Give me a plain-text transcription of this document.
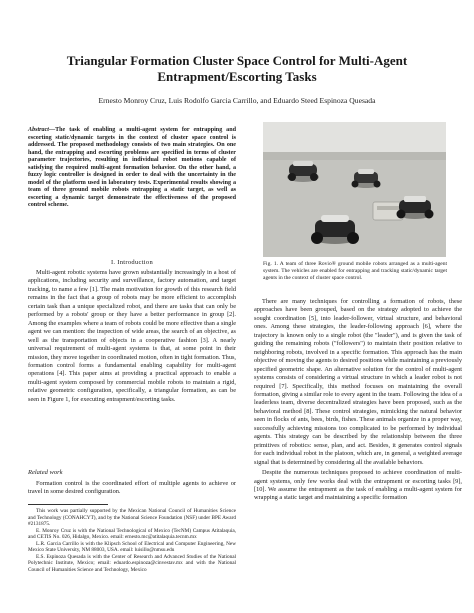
Triangular Formation Cluster Space Control for Multi-Agent Entrapment/Escorting Tasks
Ernesto Monroy Cruz, Luis Rodolfo Garcia Carrillo, and Eduardo Steed Espinoza Quesada
Abstract—The task of enabling a multi-agent system for entrapping and escorting static/dynamic targets in the context of cluster space control is addressed. The proposed methodology consists of two main strategies. On one hand, the entrapping and escorting problems are specified in terms of cluster parameter trajectories, resulting in individual robot motions capable of satisfying the required multi-agent formation behavior. On the other hand, a fuzzy logic controller is designed in order to deal with the uncertainty in the model of the platform used in laboratory tests. Experimental results showing a team of three ground mobile robots entrapping a static target, as well as escorting a dynamic target demonstrate the effectiveness of the proposed control scheme.
I. Introduction

Multi-agent robotic systems have grown substantially increasingly in a host of applications, including security and surveillance, factory automation, and target tracking, to name a few [1]. The main motivation for growth of this research field remains in the fact that a group of robots may be more efficient to accomplish certain task than a unique specialized robot, and there are tasks that can only be performed by a robots' group or they have a better performance in group [2]. Among the examples where a team of robots could be more effective than a single agent we can mention: the inspection of wide areas, the search of an objective, as well as the transportation of objects in a cooperative fashion [3]. A nearly universal requirement of multi-agent systems is that, at some point in their mission, they move together in coordinated motion, often in tight formation. Thus, formation control forms a fundamental enabling capability for multi-agent operations [4]. This paper aims at providing a practical approach to enable a multi-agent system composed by commercial mobile robots to maintain a rigid, relative geometric configuration, specifically, a triangular formation, as can be seen in Figure 1, for executing entrapment/escorting tasks.

Related work

Formation control is the coordinated effort of multiple agents to achieve or travel in some desired configuration.

This work was partially supported by the Mexican National Council of Humanities Science and Technology (CONAHCYT), and by the National Science Foundation (NSF) under BPE Award #2131875.

E. Monroy Cruz is with the National Technological of Mexico (TecNM) Campus Atitalaquia, and CETIS No. 026, Hidalgo, Mexico. email: ernesto.mc@atitalaquia.tecnm.mx

L.R. Garcia Carrillo is with the Klipsch School of Electrical and Computer Engineering, New Mexico State University, NM 88003, USA. email: luisillo@nmsu.edu

E.S. Espinoza Quesada is with the Center of Research and Advanced Studies of the National Polytechnic Institute, Mexico; email: eduardo.espinoza@cinvestav.mx and with the National Council of Humanities Science and Technology, Mexico

Fig. 1. A team of three Rovio® ground mobile robots arranged as a multi-agent system. The vehicles are enabled for entrapping and tracking static/dynamic target agents in the context of cluster space control.

There are many techniques for controlling a formation of robots, these approaches have been grouped, based on the strategy adopted to achieve the sought coordination [5], into leader-follower, virtual structure, and behavioral ones. Among these strategies, the leader-following approach [6], where the trajectory is known only to a single robot (the "leader"), and is given the task of guiding the remaining robots ("followers") to maintain their position relative to neighboring robots, involved in a specific formation. This approach has the main objective of moving the agents to desired positions while maintaining a previously specified geometric shape. An alternative solution for the control of multi-agent systems consists of considering a virtual structure in which a leader robot is not required [7]. Specifically, this method focuses on maintaining the overall formation, giving a similar role to every agent in the team. Following the idea of a leaderless team, diverse decentralized strategies have been proposed, such as the behavioral method [8]. These control strategies, mimicking the natural behavior seen in flocks of ants, bees, birds, fishes. These animals organize in a proper way, successfully achieving missions too complicated to be performed by individual agents. This strategy can be described by the relationship between the three primitives of robotics: sense, plan, and act. Besides, it generates control signals for each individual robot in the platoon, which are, in general, a weighted average signal that is determined by considering all the available behaviors.

Despite the numerous techniques proposed to achieve coordination of multi-agent systems, only few works deal with the entrapment or escorting tasks [9], [10]. We assume the entrapment as the task of enabling a multi-agent system for wrapping a static target and maintaining a specific formation
